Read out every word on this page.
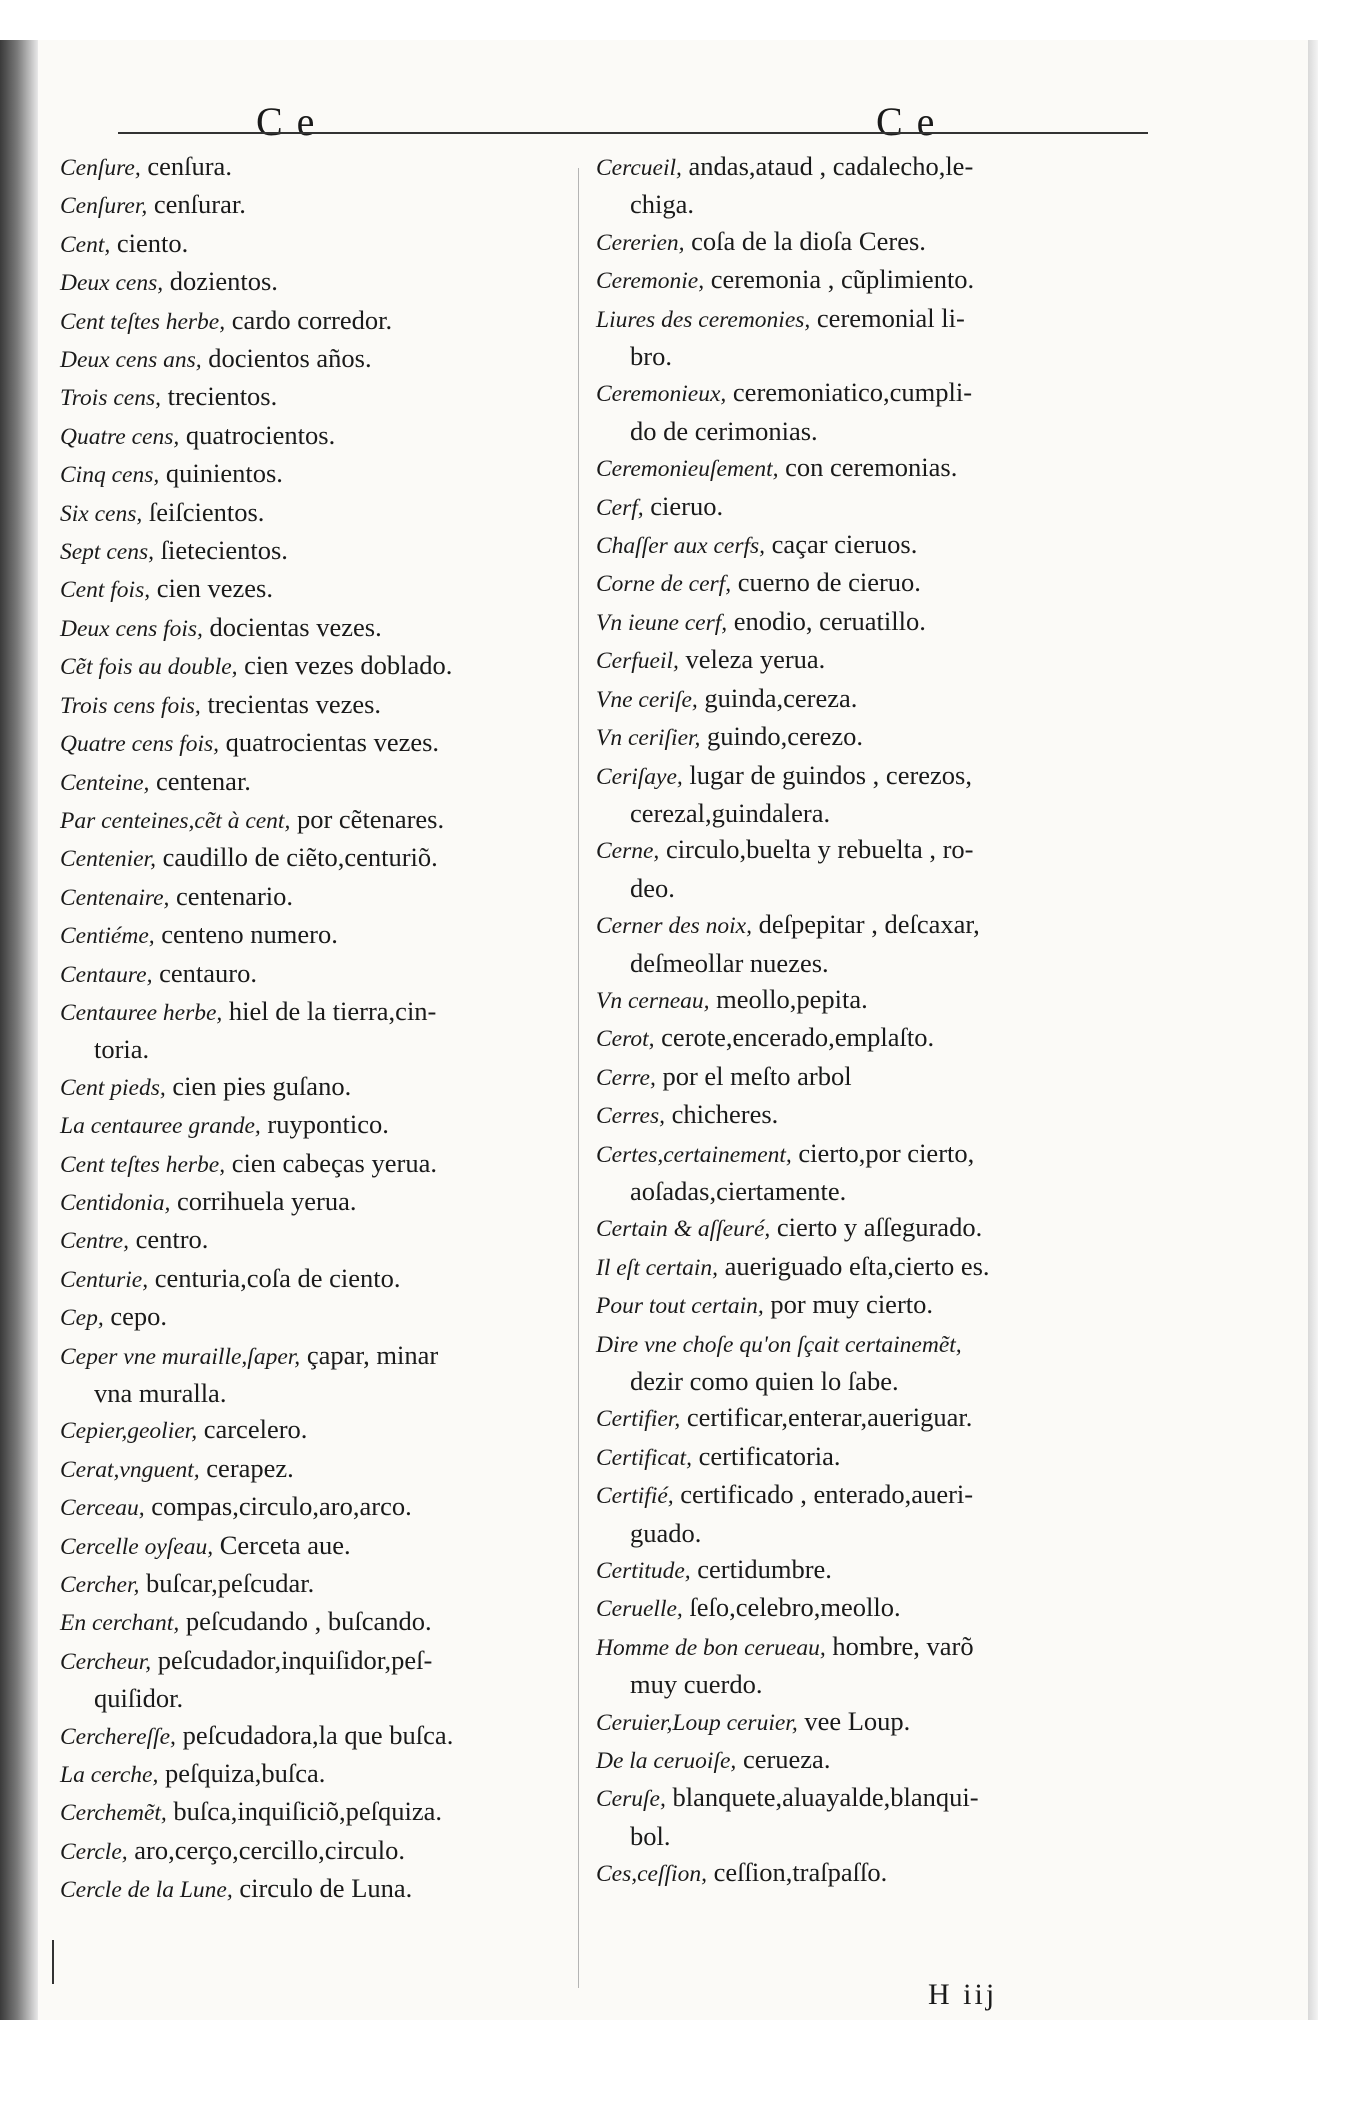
C e	C e
Cenſure, cenſura.
Cenſurer, cenſurar.
Cent, ciento.
Deux cens, dozientos.
Cent teſtes herbe, cardo corredor.
Deux cens ans, docientos años.
Trois cens, trecientos.
Quatre cens, quatrocientos.
Cinq cens, quinientos.
Six cens, ſeiſcientos.
Sept cens, ſietecientos.
Cent fois, cien vezes.
Deux cens fois, docientas vezes.
Cẽt fois au double, cien vezes doblado.
Trois cens fois, trecientas vezes.
Quatre cens fois, quatrocientas vezes.
Centeine, centenar.
Par centeines,cẽt à cent, por cẽtenares.
Centenier, caudillo de ciẽto,centuriõ.
Centenaire, centenario.
Centiéme, centeno numero.
Centaure, centauro.
Centauree herbe, hiel de la tierra,cin-
toria.
Cent pieds, cien pies guſano.
La centauree grande, ruypontico.
Cent teſtes herbe, cien cabeças yerua.
Centidonia, corrihuela yerua.
Centre, centro.
Centurie, centuria,coſa de ciento.
Cep, cepo.
Ceper vne muraille,ſaper, çapar, minar
vna muralla.
Cepier,geolier, carcelero.
Cerat,vnguent, cerapez.
Cerceau, compas,circulo,aro,arco.
Cercelle oyſeau, Cerceta aue.
Cercher, buſcar,peſcudar.
En cerchant, peſcudando , buſcando.
Cercheur, peſcudador,inquiſidor,peſ-
quiſidor.
Cercherеſſe, peſcudadora,la que buſca.
La cerche, peſquiza,buſca.
Cerchemẽt, buſca,inquiſiciõ,peſquiza.
Cercle, aro,cerço,cercillo,circulo.
Cercle de la Lune, circulo de Luna.
Cercueil, andas,ataud , cadalecho,le-
chiga.
Cererien, coſa de la dioſa Ceres.
Ceremonie, ceremonia , cũplimiento.
Liures des ceremonies, ceremonial li-
bro.
Ceremonieux, ceremoniatico,cumpli-
do de cerimonias.
Ceremonieuſement, con ceremonias.
Cerf, cieruo.
Chaſſer aux cerfs, caçar cieruos.
Corne de cerf, cuerno de cieruo.
Vn ieune cerf, enodio, ceruatillo.
Cerfueil, veleza yerua.
Vne ceriſe, guinda,cereza.
Vn ceriſier, guindo,cerezo.
Ceriſaye, lugar de guindos , cerezos,
cerezal,guindalera.
Cerne, circulo,buelta y rebuelta , ro-
deo.
Cerner des noix, deſpepitar , deſcaxar,
deſmeollar nuezes.
Vn cerneau, meollo,pepita.
Cerot, cerote,encerado,emplaſto.
Cerre, por el meſto arbol
Cerres, chicheres.
Certes,certainement, cierto,por cierto,
aoſadas,ciertamente.
Certain & aſſeuré, cierto y aſſegurado.
Il eſt certain, aueriguado eſta,cierto es.
Pour tout certain, por muy cierto.
Dire vne choſe qu'on ſçait certainemẽt,
dezir como quien lo ſabe.
Certifier, certificar,enterar,aueriguar.
Certificat, certificatoria.
Certifié, certificado , enterado,aueri-
guado.
Certitude, certidumbre.
Ceruelle, ſeſo,celebro,meollo.
Homme de bon cerueau, hombre, varõ
muy cuerdo.
Ceruier,Loup ceruier, vee Loup.
De la ceruoiſe, cerueza.
Ceruſe, blanquete,aluayalde,blanqui-
bol.
Ces,ceſſion, ceſſion,traſpaſſo.
H iij
